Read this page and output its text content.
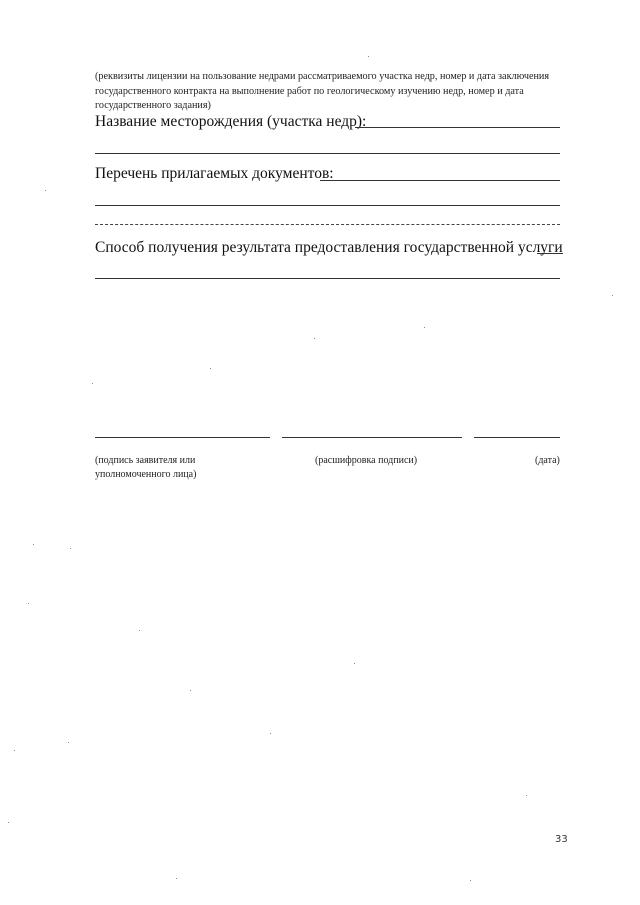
(реквизиты лицензии на пользование недрами рассматриваемого участка недр, номер и дата заключения государственного контракта на выполнение работ по геологическому изучению недр, номер и дата государственного задания)
Название месторождения (участка недр):
Перечень прилагаемых документов:
Способ получения результата предоставления государственной услуги
(подпись заявителя или уполномоченного лица)
(расшифровка подписи)	(дата)
33
